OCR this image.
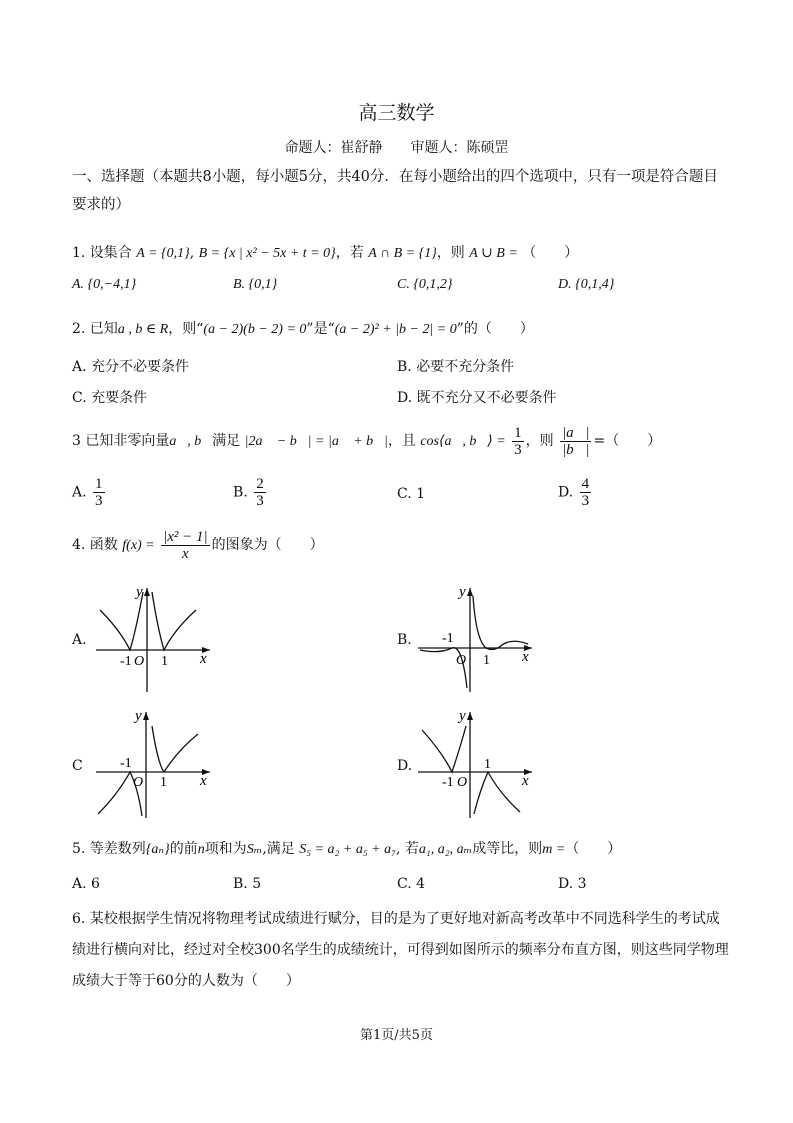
高三数学
命题人：崔舒静　　审题人：陈硕罡
一、选择题（本题共8小题，每小题5分，共40分．在每小题给出的四个选项中，只有一项是符合题目要求的）
1. 设集合 A = {0,1}, B = {x | x² − 5x + t = 0}，若 A ∩ B = {1}，则 A ∪ B = （　　）
A. {0,−4,1}	B. {0,1}	C. {0,1,2}	D. {0,1,4}
2. 已知a , b ∈ R，则“(a − 2)(b − 2) = 0”是“(a − 2)² + |b − 2| = 0”的（　　）
A. 充分不必要条件	B. 必要不充分条件
C. 充要条件	D. 既不充分又不必要条件
3 已知非零向量a⃗, b⃗满足 |2a⃗ − b⃗| = |a⃗ + b⃗|，且 cos⟨a⃗, b⃗⟩ = $\frac{1}{3}$ ，则 $\frac{|a⃗|}{|b⃗|}$ =（　　）
A. $\frac{1}{3}$	B. $\frac{2}{3}$	C. 1	D. $\frac{4}{3}$
4. 函数 $f(x) = \frac{\text{|x² − 1|}}{x}$ 的图象为（　　）
A.
y
x
O
-1 1
B.
y
x
O
-1
1
C
y
x
O
-1
1
D.
y
x
O
-1
1
5. 等差数列{aₙ}的前n项和为Sₘ,满足 S₅ = a₂ + a₅ + a₇, 若a₁, a₂, aₘ成等比，则m =（　　）
A. 6	B. 5	C. 4	D. 3
6. 某校根据学生情况将物理考试成绩进行赋分，目的是为了更好地对新高考改革中不同选科学生的考试成绩进行横向对比，经过对全校300名学生的成绩统计，可得到如图所示的频率分布直方图，则这些同学物理成绩大于等于60分的人数为（　　）
第1页/共5页
